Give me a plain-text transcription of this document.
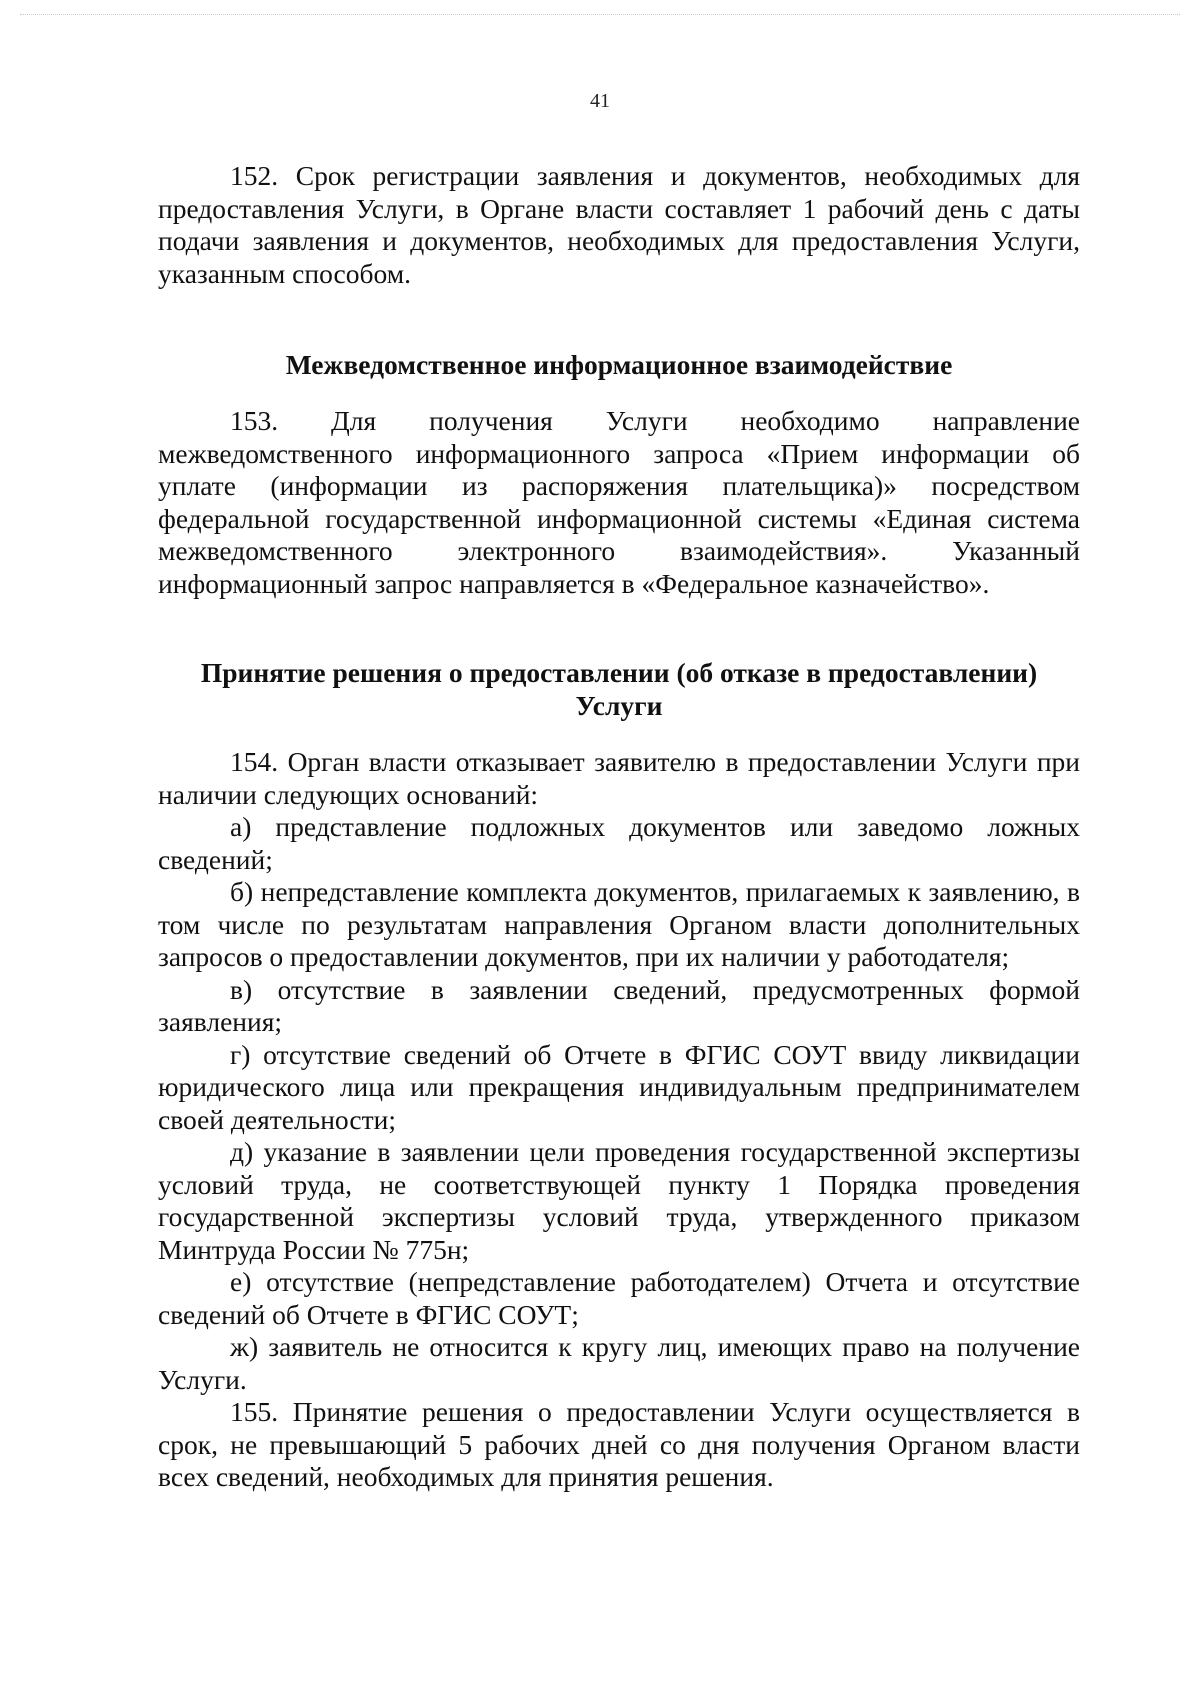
41

152. Срок регистрации заявления и документов, необходимых для предоставления Услуги, в Органе власти составляет 1 рабочий день с даты подачи заявления и документов, необходимых для предоставления Услуги, указанным способом.

Межведомственное информационное взаимодействие

153. Для получения Услуги необходимо направление межведомственного информационного запроса «Прием информации об уплате (информации из распоряжения плательщика)» посредством федеральной государственной информационной системы «Единая система межведомственного электронного взаимодействия». Указанный информационный запрос направляется в «Федеральное казначейство».

Принятие решения о предоставлении (об отказе в предоставлении)
Услуги

154. Орган власти отказывает заявителю в предоставлении Услуги при наличии следующих оснований:

а) представление подложных документов или заведомо ложных сведений;

б) непредставление комплекта документов, прилагаемых к заявлению, в том числе по результатам направления Органом власти дополнительных запросов о предоставлении документов, при их наличии у работодателя;

в) отсутствие в заявлении сведений, предусмотренных формой заявления;

г) отсутствие сведений об Отчете в ФГИС СОУТ ввиду ликвидации юридического лица или прекращения индивидуальным предпринимателем своей деятельности;

д) указание в заявлении цели проведения государственной экспертизы условий труда, не соответствующей пункту 1 Порядка проведения государственной экспертизы условий труда, утвержденного приказом Минтруда России № 775н;

е) отсутствие (непредставление работодателем) Отчета и отсутствие сведений об Отчете в ФГИС СОУТ;

ж) заявитель не относится к кругу лиц, имеющих право на получение Услуги.

155. Принятие решения о предоставлении Услуги осуществляется в срок, не превышающий 5 рабочих дней со дня получения Органом власти всех сведений, необходимых для принятия решения.
